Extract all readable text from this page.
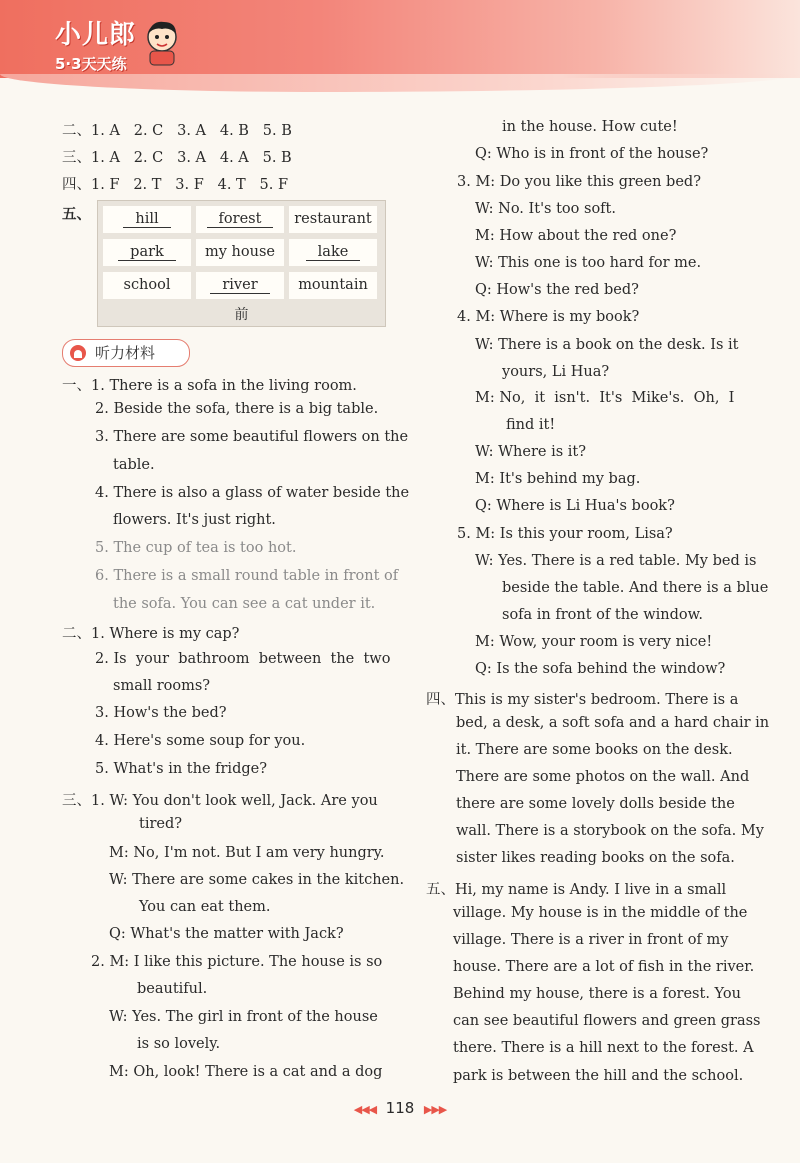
小儿郎
5·3天天练
二、1. A   2. C   3. A   4. B   5. B
三、1. A   2. C   3. A   4. A   5. B
四、1. F   2. T   3. F   4. T   5. F
五、	hill	forest	restaurant
park	my house	lake
school	river	mountain
前
听力材料
一、1. There is a sofa in the living room.
2. Beside the sofa, there is a big table.
3. There are some beautiful flowers on the
table.
4. There is also a glass of water beside the
flowers. It's just right.
5. The cup of tea is too hot.
6. There is a small round table in front of
the sofa. You can see a cat under it.
二、1. Where is my cap?
2. Is  your  bathroom  between  the  two
small rooms?
3. How's the bed?
4. Here's some soup for you.
5. What's in the fridge?
三、1. W: You don't look well, Jack. Are you
tired?
M: No, I'm not. But I am very hungry.
W: There are some cakes in the kitchen.
You can eat them.
Q: What's the matter with Jack?
2. M: I like this picture. The house is so
beautiful.
W: Yes. The girl in front of the house
is so lovely.
M: Oh, look! There is a cat and a dog
in the house. How cute!
Q: Who is in front of the house?
3. M: Do you like this green bed?
W: No. It's too soft.
M: How about the red one?
W: This one is too hard for me.
Q: How's the red bed?
4. M: Where is my book?
W: There is a book on the desk. Is it
yours, Li Hua?
M: No,  it  isn't.  It's  Mike's.  Oh,  I
find it!
W: Where is it?
M: It's behind my bag.
Q: Where is Li Hua's book?
5. M: Is this your room, Lisa?
W: Yes. There is a red table. My bed is
beside the table. And there is a blue
sofa in front of the window.
M: Wow, your room is very nice!
Q: Is the sofa behind the window?
四、This is my sister's bedroom. There is a
bed, a desk, a soft sofa and a hard chair in
it. There are some books on the desk.
There are some photos on the wall. And
there are some lovely dolls beside the
wall. There is a storybook on the sofa. My
sister likes reading books on the sofa.
五、Hi, my name is Andy. I live in a small
village. My house is in the middle of the
village. There is a river in front of my
house. There are a lot of fish in the river.
Behind my house, there is a forest. You
can see beautiful flowers and green grass
there. There is a hill next to the forest. A
park is between the hill and the school.
◀◀◀ 118 ▶▶▶
